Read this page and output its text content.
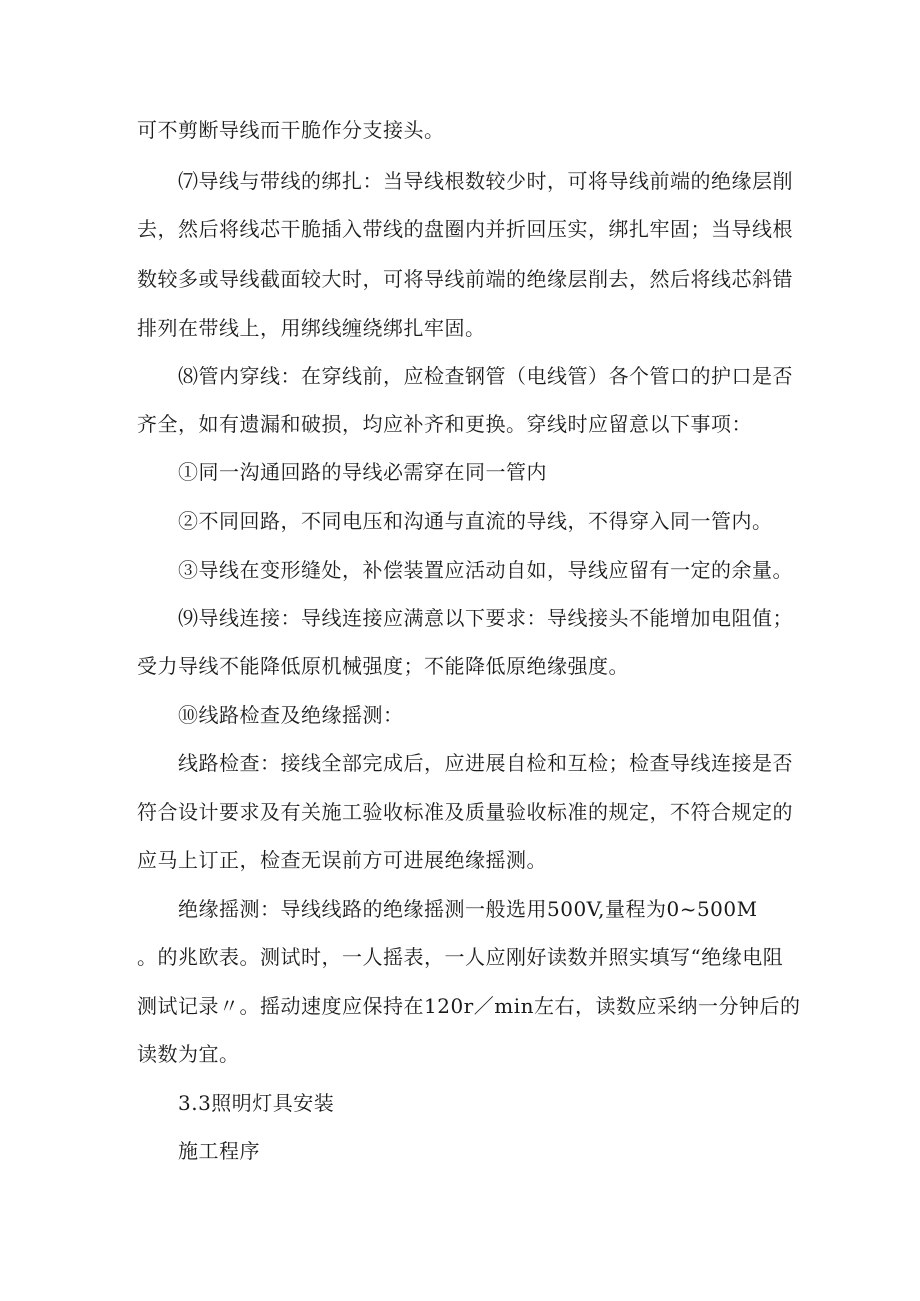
可不剪断导线而干脆作分支接头。
⑺导线与带线的绑扎：当导线根数较少时，可将导线前端的绝缘层削
去，然后将线芯干脆插入带线的盘圈内并折回压实，绑扎牢固；当导线根
数较多或导线截面较大时，可将导线前端的绝缘层削去，然后将线芯斜错
排列在带线上，用绑线缠绕绑扎牢固。
⑻管内穿线：在穿线前，应检查钢管（电线管）各个管口的护口是否
齐全，如有遗漏和破损，均应补齐和更换。穿线时应留意以下事项：
①同一沟通回路的导线必需穿在同一管内
②不同回路，不同电压和沟通与直流的导线，不得穿入同一管内。
③导线在变形缝处，补偿装置应活动自如，导线应留有一定的余量。
⑼导线连接：导线连接应满意以下要求：导线接头不能增加电阻值；
受力导线不能降低原机械强度；不能降低原绝缘强度。
⑩线路检查及绝缘摇测：
线路检查：接线全部完成后，应进展自检和互检；检查导线连接是否
符合设计要求及有关施工验收标准及质量验收标准的规定，不符合规定的
应马上订正，检查无误前方可进展绝缘摇测。
绝缘摇测：导线线路的绝缘摇测一般选用500V,量程为0~500M
。的兆欧表。测试时，一人摇表，一人应刚好读数并照实填写“绝缘电阻
测试记录〃。摇动速度应保持在120r／min左右，读数应采纳一分钟后的
读数为宜。
3.3照明灯具安装
施工程序
